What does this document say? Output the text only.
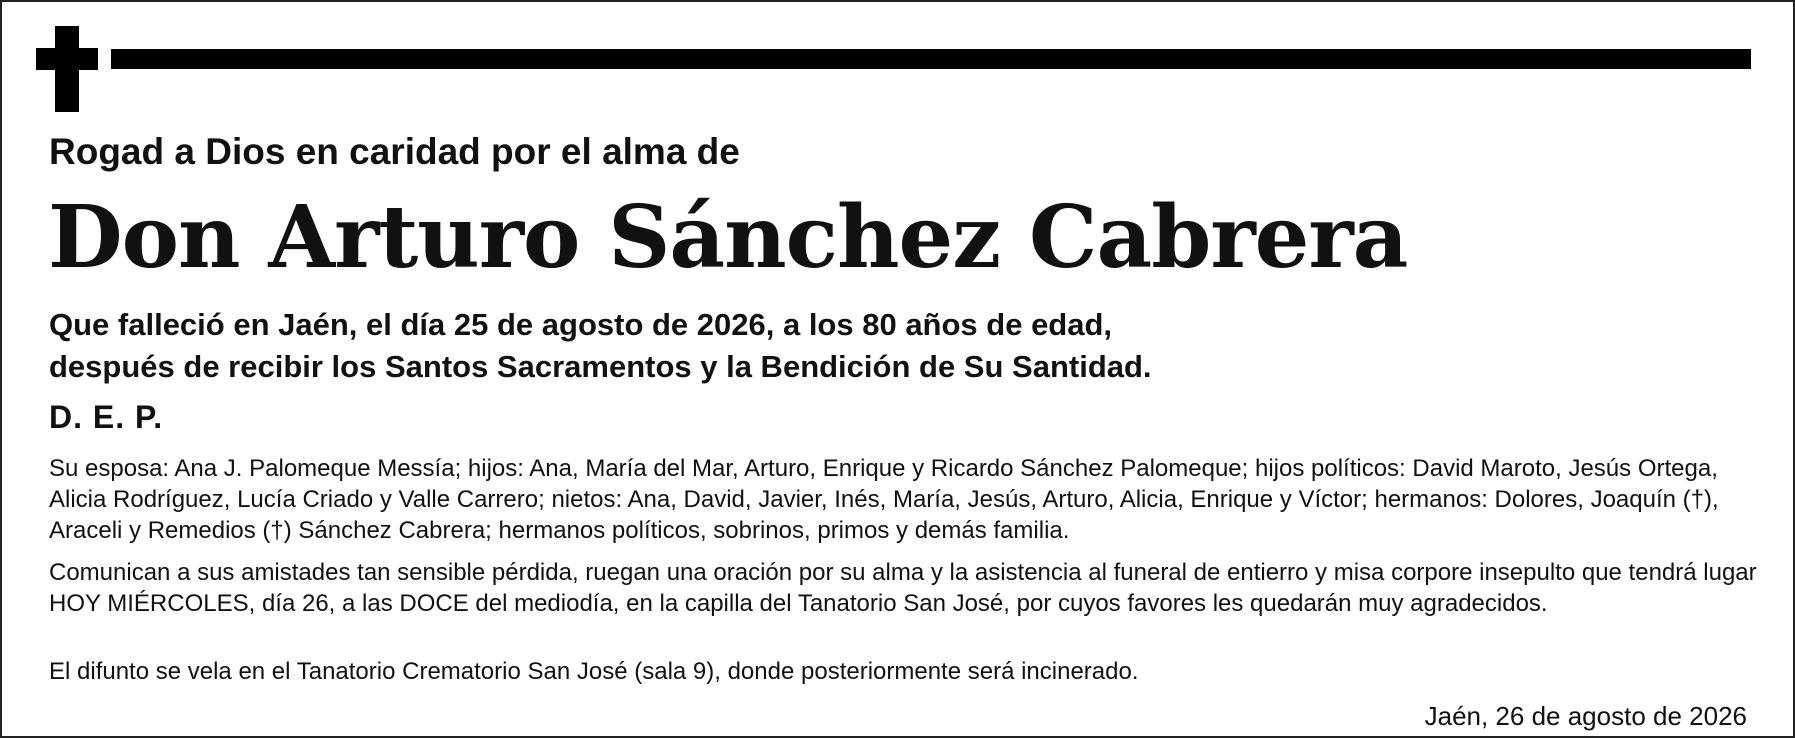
Rogad a Dios en caridad por el alma de
Don Arturo Sánchez Cabrera
Que falleció en Jaén, el día 25 de agosto de 2026, a los 80 años de edad,
después de recibir los Santos Sacramentos y la Bendición de Su Santidad.
D. E. P.
Su esposa: Ana J. Palomeque Messía; hijos: Ana, María del Mar, Arturo, Enrique y Ricardo Sánchez Palomeque; hijos políticos: David Maroto, Jesús Ortega, Alicia Rodríguez, Lucía Criado y Valle Carrero; nietos: Ana, David, Javier, Inés, María, Jesús, Arturo, Alicia, Enrique y Víctor; hermanos: Dolores, Joaquín (†), Araceli y Remedios (†) Sánchez Cabrera; hermanos políticos, sobrinos, primos y demás familia.
Comunican a sus amistades tan sensible pérdida, ruegan una oración por su alma y la asistencia al funeral de entierro y misa corpore insepulto que tendrá lugar HOY MIÉRCOLES, día 26, a las DOCE del mediodía, en la capilla del Tanatorio San José, por cuyos favores les quedarán muy agradecidos.
El difunto se vela en el Tanatorio Crematorio San José (sala 9), donde posteriormente será incinerado.
Jaén, 26 de agosto de 2026
